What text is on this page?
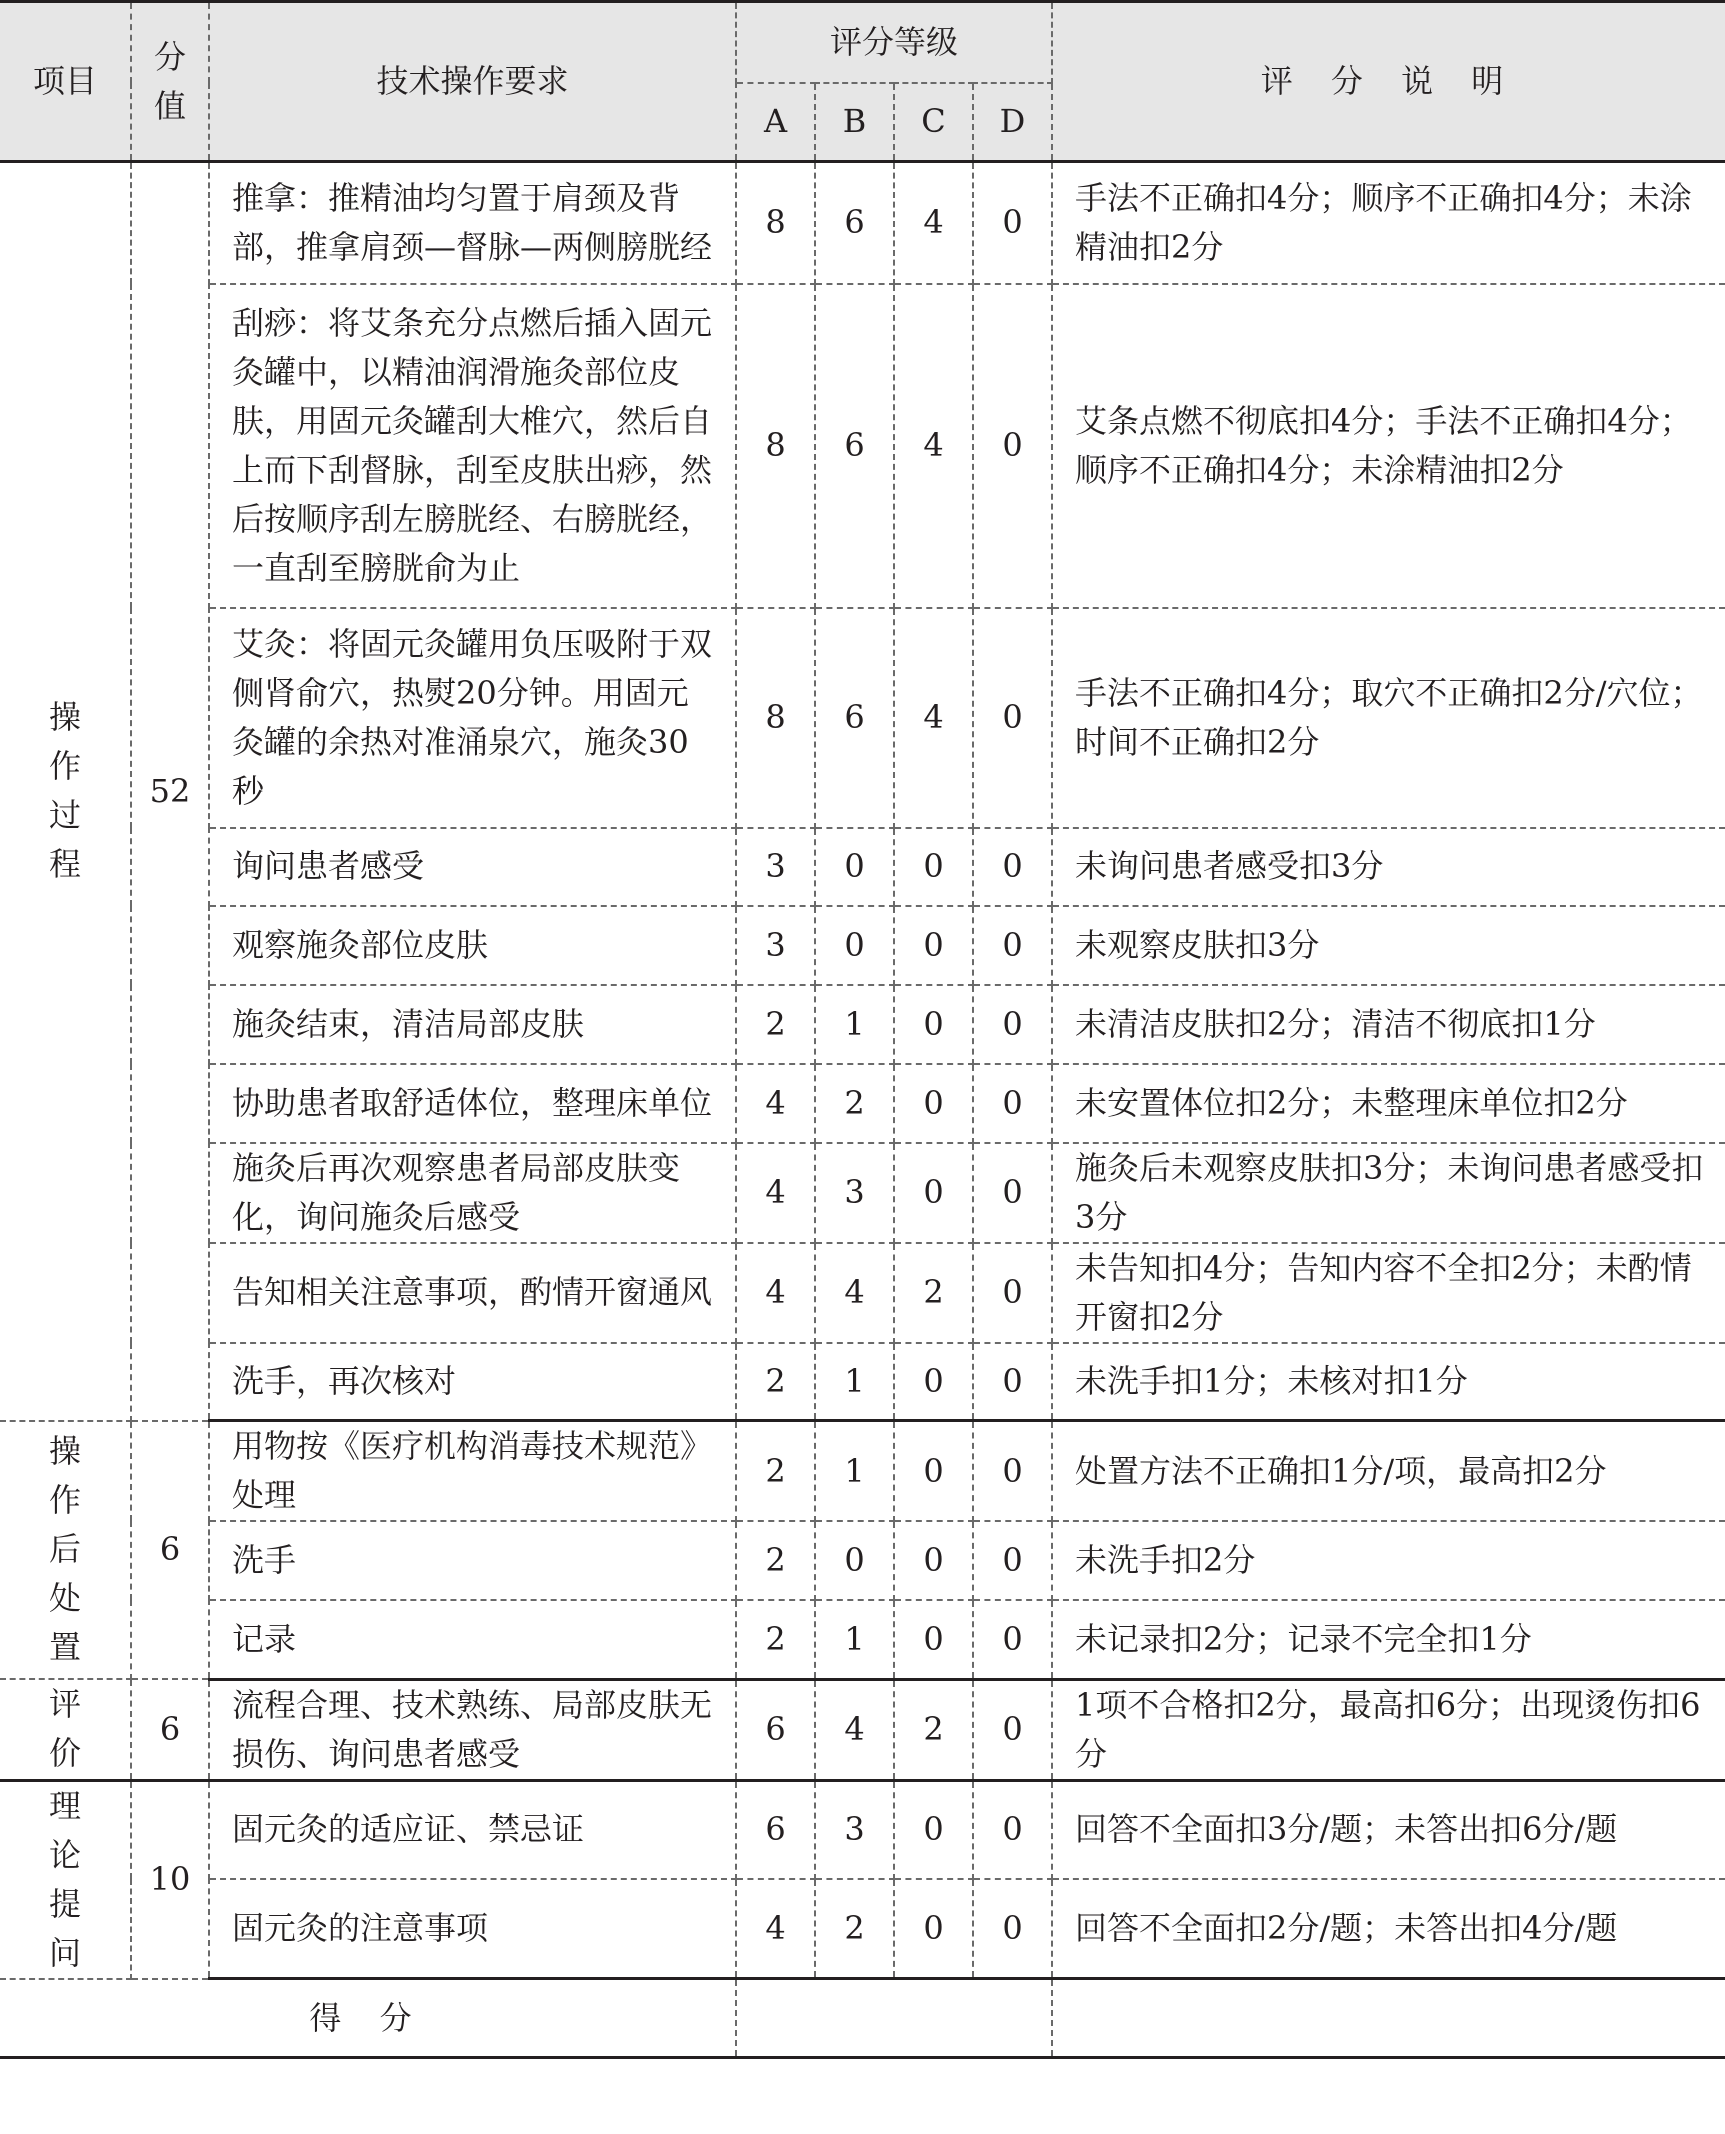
项目	分值	技术操作要求	评分等级				评 分 说 明
			A	B	C	D	
操作过程	52	推拿：推精油均匀置于肩颈及背部，推拿肩颈—督脉—两侧膀胱经	8	6	4	0	手法不正确扣4分；顺序不正确扣4分；未涂精油扣2分
		刮痧：将艾条充分点燃后插入固元灸罐中，以精油润滑施灸部位皮肤，用固元灸罐刮大椎穴，然后自上而下刮督脉，刮至皮肤出痧，然后按顺序刮左膀胱经、右膀胱经，一直刮至膀胱俞为止	8	6	4	0	艾条点燃不彻底扣4分；手法不正确扣4分；顺序不正确扣4分；未涂精油扣2分
		艾灸：将固元灸罐用负压吸附于双侧肾俞穴，热熨20分钟。用固元灸罐的余热对准涌泉穴，施灸30秒	8	6	4	0	手法不正确扣4分；取穴不正确扣2分/穴位；时间不正确扣2分
		询问患者感受	3	0	0	0	未询问患者感受扣3分
		观察施灸部位皮肤	3	0	0	0	未观察皮肤扣3分
		施灸结束，清洁局部皮肤	2	1	0	0	未清洁皮肤扣2分；清洁不彻底扣1分
		协助患者取舒适体位，整理床单位	4	2	0	0	未安置体位扣2分；未整理床单位扣2分
		施灸后再次观察患者局部皮肤变化，询问施灸后感受	4	3	0	0	施灸后未观察皮肤扣3分；未询问患者感受扣3分
		告知相关注意事项，酌情开窗通风	4	4	2	0	未告知扣4分；告知内容不全扣2分；未酌情开窗扣2分
		洗手，再次核对	2	1	0	0	未洗手扣1分；未核对扣1分
操作后处置	6	用物按《医疗机构消毒技术规范》处理	2	1	0	0	处置方法不正确扣1分/项，最高扣2分
		洗手	2	0	0	0	未洗手扣2分
		记录	2	1	0	0	未记录扣2分；记录不完全扣1分
评价	6	流程合理、技术熟练、局部皮肤无损伤、询问患者感受	6	4	2	0	1项不合格扣2分，最高扣6分；出现烫伤扣6分
理论提问	10	固元灸的适应证、禁忌证	6	3	0	0	回答不全面扣3分/题；未答出扣6分/题
		固元灸的注意事项	4	2	0	0	回答不全面扣2分/题；未答出扣4分/题
得 分							
